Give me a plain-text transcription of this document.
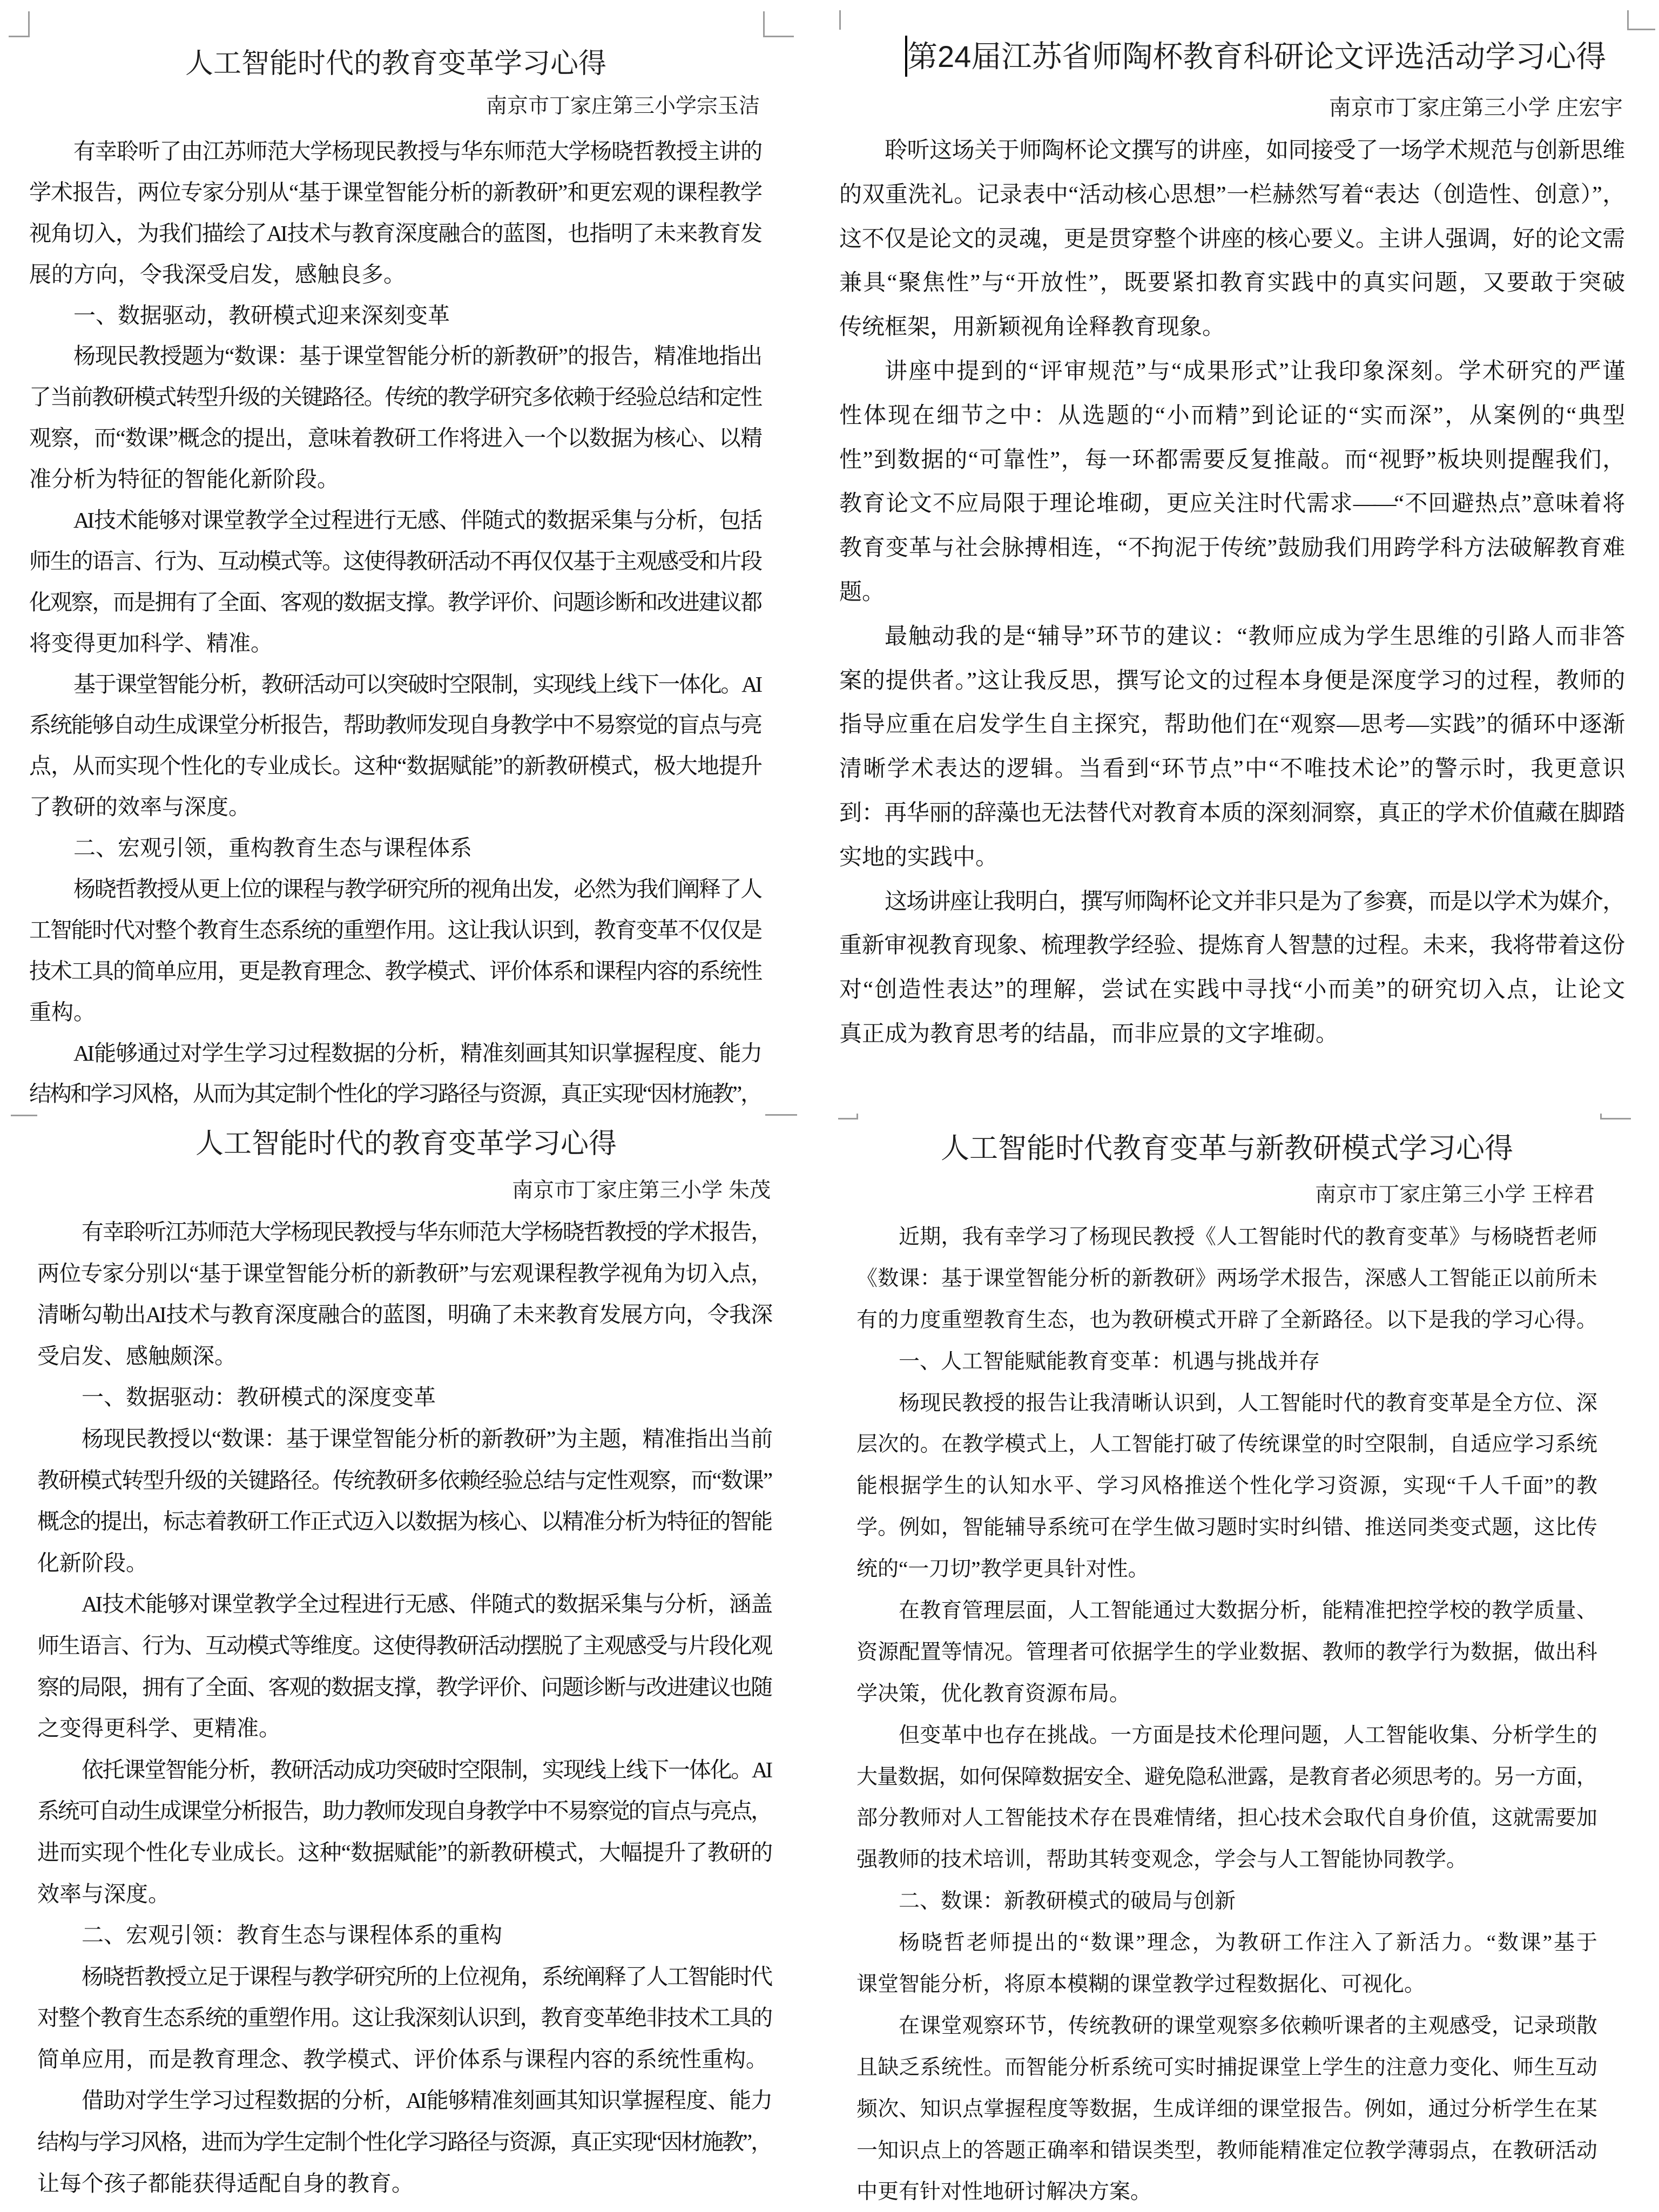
人工智能时代的教育变革学习心得
南京市丁家庄第三小学宗玉洁
有幸聆听了由江苏师范大学杨现民教授与华东师范大学杨晓哲教授主讲的
学术报告，两位专家分别从“基于课堂智能分析的新教研”和更宏观的课程教学
视角切入，为我们描绘了AI技术与教育深度融合的蓝图，也指明了未来教育发
展的方向，令我深受启发，感触良多。
一、数据驱动，教研模式迎来深刻变革
杨现民教授题为“数课：基于课堂智能分析的新教研”的报告，精准地指出
了当前教研模式转型升级的关键路径。传统的教学研究多依赖于经验总结和定性
观察，而“数课”概念的提出，意味着教研工作将进入一个以数据为核心、以精
准分析为特征的智能化新阶段。
AI技术能够对课堂教学全过程进行无感、伴随式的数据采集与分析，包括
师生的语言、行为、互动模式等。这使得教研活动不再仅仅基于主观感受和片段
化观察，而是拥有了全面、客观的数据支撑。教学评价、问题诊断和改进建议都
将变得更加科学、精准。
基于课堂智能分析，教研活动可以突破时空限制，实现线上线下一体化。AI
系统能够自动生成课堂分析报告，帮助教师发现自身教学中不易察觉的盲点与亮
点，从而实现个性化的专业成长。这种“数据赋能”的新教研模式，极大地提升
了教研的效率与深度。
二、宏观引领，重构教育生态与课程体系
杨晓哲教授从更上位的课程与教学研究所的视角出发，必然为我们阐释了人
工智能时代对整个教育生态系统的重塑作用。这让我认识到，教育变革不仅仅是
技术工具的简单应用，更是教育理念、教学模式、评价体系和课程内容的系统性
重构。
AI能够通过对学生学习过程数据的分析，精准刻画其知识掌握程度、能力
结构和学习风格，从而为其定制个性化的学习路径与资源，真正实现“因材施教”，
第24届江苏省师陶杯教育科研论文评选活动学习心得
南京市丁家庄第三小学 庄宏宇
聆听这场关于师陶杯论文撰写的讲座，如同接受了一场学术规范与创新思维
的双重洗礼。记录表中“活动核心思想”一栏赫然写着“表达（创造性、创意）”，
这不仅是论文的灵魂，更是贯穿整个讲座的核心要义。主讲人强调，好的论文需
兼具“聚焦性”与“开放性”，既要紧扣教育实践中的真实问题，又要敢于突破
传统框架，用新颖视角诠释教育现象。
讲座中提到的“评审规范”与“成果形式”让我印象深刻。学术研究的严谨
性体现在细节之中：从选题的“小而精”到论证的“实而深”，从案例的“典型
性”到数据的“可靠性”，每一环都需要反复推敲。而“视野”板块则提醒我们，
教育论文不应局限于理论堆砌，更应关注时代需求——“不回避热点”意味着将
教育变革与社会脉搏相连，“不拘泥于传统”鼓励我们用跨学科方法破解教育难
题。
最触动我的是“辅导”环节的建议：“教师应成为学生思维的引路人而非答
案的提供者。”这让我反思，撰写论文的过程本身便是深度学习的过程，教师的
指导应重在启发学生自主探究，帮助他们在“观察—思考—实践”的循环中逐渐
清晰学术表达的逻辑。当看到“环节点”中“不唯技术论”的警示时，我更意识
到：再华丽的辞藻也无法替代对教育本质的深刻洞察，真正的学术价值藏在脚踏
实地的实践中。
这场讲座让我明白，撰写师陶杯论文并非只是为了参赛，而是以学术为媒介，
重新审视教育现象、梳理教学经验、提炼育人智慧的过程。未来，我将带着这份
对“创造性表达”的理解，尝试在实践中寻找“小而美”的研究切入点，让论文
真正成为教育思考的结晶，而非应景的文字堆砌。
人工智能时代的教育变革学习心得
南京市丁家庄第三小学 朱茂
有幸聆听江苏师范大学杨现民教授与华东师范大学杨晓哲教授的学术报告，
两位专家分别以“基于课堂智能分析的新教研”与宏观课程教学视角为切入点，
清晰勾勒出AI技术与教育深度融合的蓝图，明确了未来教育发展方向，令我深
受启发、感触颇深。
一、数据驱动：教研模式的深度变革
杨现民教授以“数课：基于课堂智能分析的新教研”为主题，精准指出当前
教研模式转型升级的关键路径。传统教研多依赖经验总结与定性观察，而“数课”
概念的提出，标志着教研工作正式迈入以数据为核心、以精准分析为特征的智能
化新阶段。
AI技术能够对课堂教学全过程进行无感、伴随式的数据采集与分析，涵盖
师生语言、行为、互动模式等维度。这使得教研活动摆脱了主观感受与片段化观
察的局限，拥有了全面、客观的数据支撑，教学评价、问题诊断与改进建议也随
之变得更科学、更精准。
依托课堂智能分析，教研活动成功突破时空限制，实现线上线下一体化。AI
系统可自动生成课堂分析报告，助力教师发现自身教学中不易察觉的盲点与亮点，
进而实现个性化专业成长。这种“数据赋能”的新教研模式，大幅提升了教研的
效率与深度。
二、宏观引领：教育生态与课程体系的重构
杨晓哲教授立足于课程与教学研究所的上位视角，系统阐释了人工智能时代
对整个教育生态系统的重塑作用。这让我深刻认识到，教育变革绝非技术工具的
简单应用，而是教育理念、教学模式、评价体系与课程内容的系统性重构。
借助对学生学习过程数据的分析，AI能够精准刻画其知识掌握程度、能力
结构与学习风格，进而为学生定制个性化学习路径与资源，真正实现“因材施教”，
让每个孩子都能获得适配自身的教育。
人工智能时代教育变革与新教研模式学习心得
南京市丁家庄第三小学 王梓君
近期，我有幸学习了杨现民教授《人工智能时代的教育变革》与杨晓哲老师
《数课：基于课堂智能分析的新教研》两场学术报告，深感人工智能正以前所未
有的力度重塑教育生态，也为教研模式开辟了全新路径。以下是我的学习心得。
一、人工智能赋能教育变革：机遇与挑战并存
杨现民教授的报告让我清晰认识到，人工智能时代的教育变革是全方位、深
层次的。在教学模式上，人工智能打破了传统课堂的时空限制，自适应学习系统
能根据学生的认知水平、学习风格推送个性化学习资源，实现“千人千面”的教
学。例如，智能辅导系统可在学生做习题时实时纠错、推送同类变式题，这比传
统的“一刀切”教学更具针对性。
在教育管理层面，人工智能通过大数据分析，能精准把控学校的教学质量、
资源配置等情况。管理者可依据学生的学业数据、教师的教学行为数据，做出科
学决策，优化教育资源布局。
但变革中也存在挑战。一方面是技术伦理问题，人工智能收集、分析学生的
大量数据，如何保障数据安全、避免隐私泄露，是教育者必须思考的。另一方面，
部分教师对人工智能技术存在畏难情绪，担心技术会取代自身价值，这就需要加
强教师的技术培训，帮助其转变观念，学会与人工智能协同教学。
二、数课：新教研模式的破局与创新
杨晓哲老师提出的“数课”理念，为教研工作注入了新活力。“数课”基于
课堂智能分析，将原本模糊的课堂教学过程数据化、可视化。
在课堂观察环节，传统教研的课堂观察多依赖听课者的主观感受，记录琐散
且缺乏系统性。而智能分析系统可实时捕捉课堂上学生的注意力变化、师生互动
频次、知识点掌握程度等数据，生成详细的课堂报告。例如，通过分析学生在某
一知识点上的答题正确率和错误类型，教师能精准定位教学薄弱点，在教研活动
中更有针对性地研讨解决方案。
